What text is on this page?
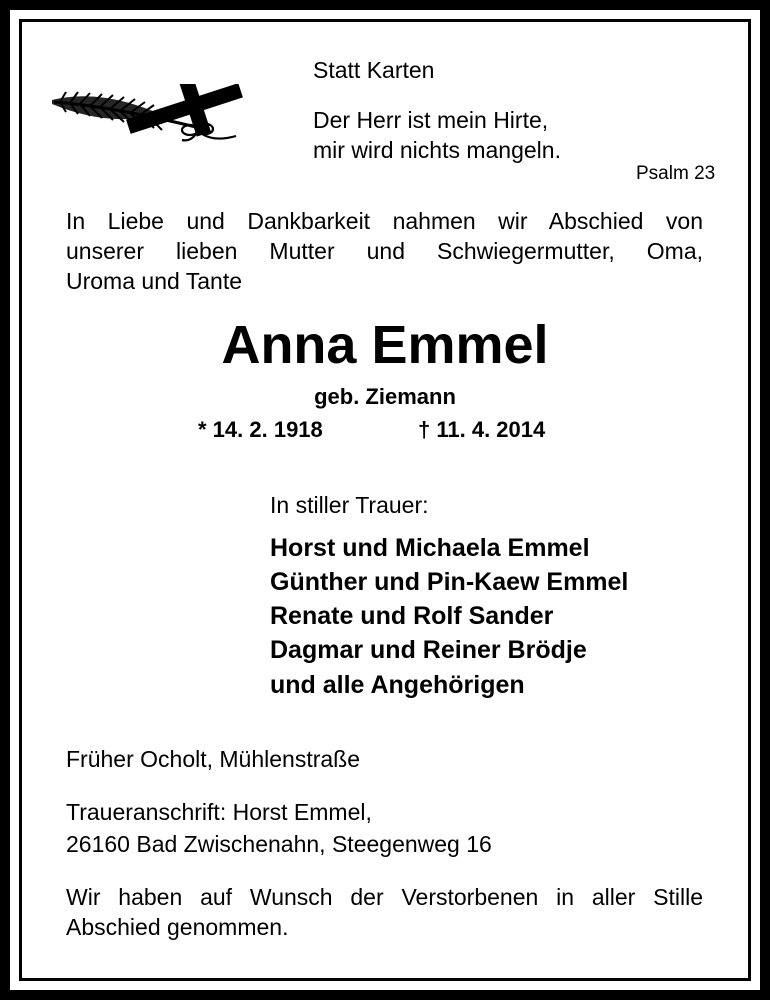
Statt Karten
Der Herr ist mein Hirte,
mir wird nichts mangeln.
Psalm 23
In Liebe und Dankbarkeit nahmen wir Abschied von
unserer lieben Mutter und Schwiegermutter, Oma,
Uroma und Tante
Anna Emmel
geb. Ziemann
* 14. 2. 1918	† 11. 4. 2014
In stiller Trauer:
Horst und Michaela Emmel
Günther und Pin-Kaew Emmel
Renate und Rolf Sander
Dagmar und Reiner Brödje
und alle Angehörigen
Früher Ocholt, Mühlenstraße
Traueranschrift: Horst Emmel,
26160 Bad Zwischenahn, Steegenweg 16
Wir haben auf Wunsch der Verstorbenen in aller Stille
Abschied genommen.
